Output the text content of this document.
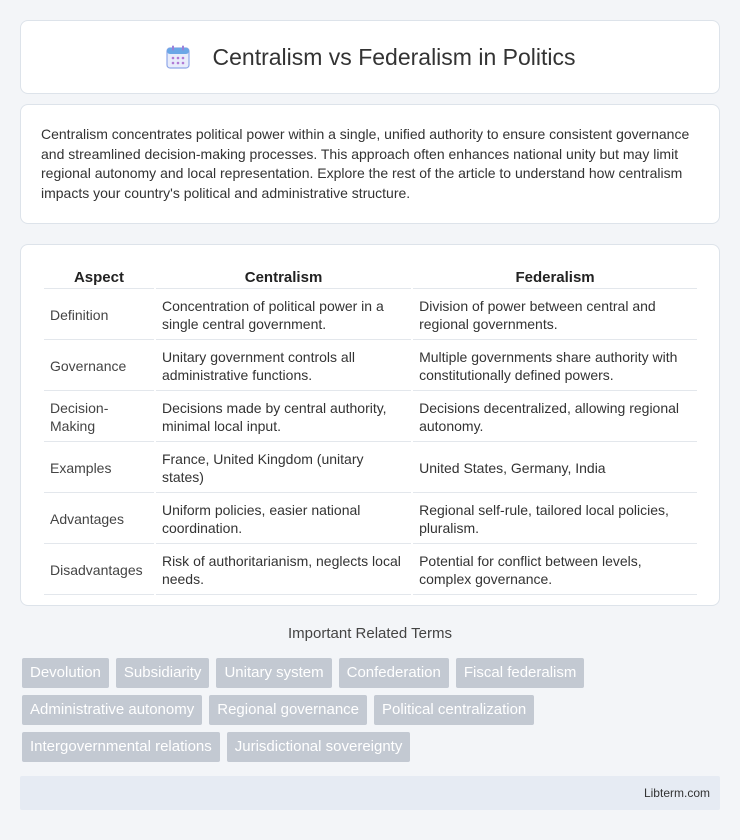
Centralism vs Federalism in Politics

Centralism concentrates political power within a single, unified authority to ensure consistent governance and streamlined decision-making processes. This approach often enhances national unity but may limit regional autonomy and local representation. Explore the rest of the article to understand how centralism impacts your country's political and administrative structure.

Aspect	Centralism	Federalism
Definition	Concentration of political power in a single central government.	Division of power between central and regional governments.
Governance	Unitary government controls all administrative functions.	Multiple governments share authority with constitutionally defined powers.
Decision-Making	Decisions made by central authority, minimal local input.	Decisions decentralized, allowing regional autonomy.
Examples	France, United Kingdom (unitary states)	United States, Germany, India
Advantages	Uniform policies, easier national coordination.	Regional self-rule, tailored local policies, pluralism.
Disadvantages	Risk of authoritarianism, neglects local needs.	Potential for conflict between levels, complex governance.
Important Related Terms
Devolution	Subsidiarity	Unitary system	Confederation	Fiscal federalism
Administrative autonomy	Regional governance	Political centralization
Intergovernmental relations	Jurisdictional sovereignty
Libterm.com
